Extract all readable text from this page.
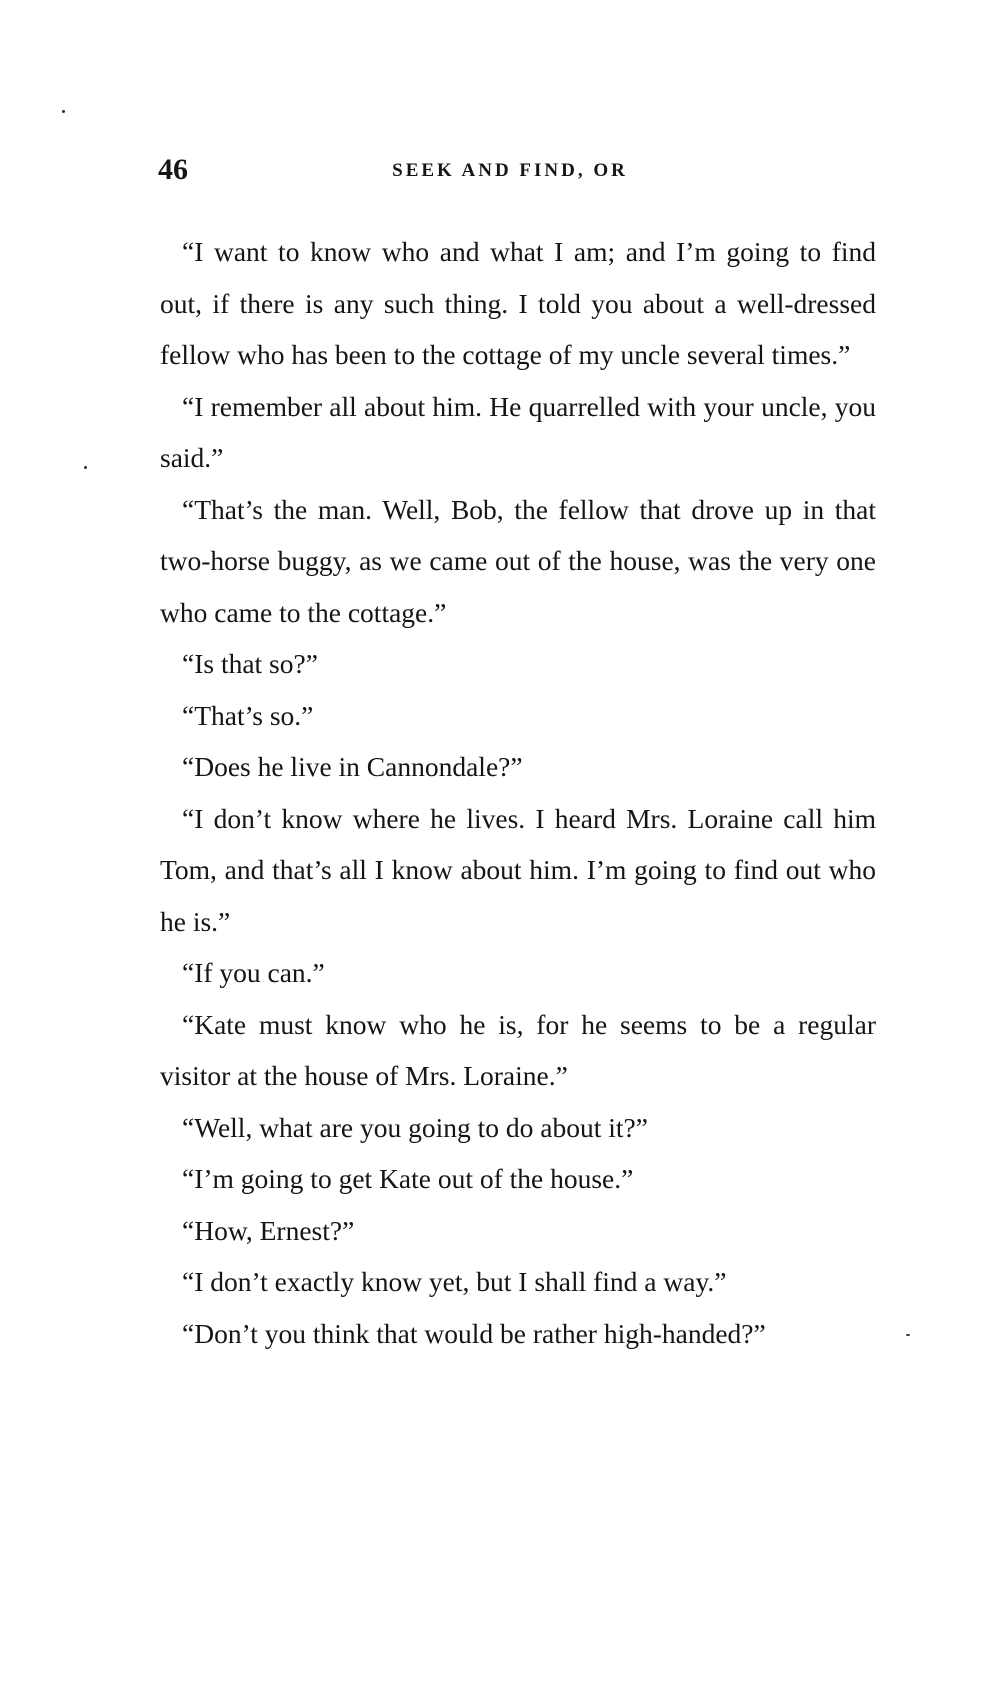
46	SEEK AND FIND, OR

“I want to know who and what I am; and I’m going to find out, if there is any such thing. I told you about a well-dressed fellow who has been to the cottage of my uncle several times.”

“I remember all about him. He quarrelled with your uncle, you said.”

“That’s the man. Well, Bob, the fellow that drove up in that two-horse buggy, as we came out of the house, was the very one who came to the cottage.”

“Is that so?”

“That’s so.”

“Does he live in Cannondale?”

“I don’t know where he lives. I heard Mrs. Loraine call him Tom, and that’s all I know about him. I’m going to find out who he is.”

“If you can.”

“Kate must know who he is, for he seems to be a regular visitor at the house of Mrs. Loraine.”

“Well, what are you going to do about it?”

“I’m going to get Kate out of the house.”

“How, Ernest?”

“I don’t exactly know yet, but I shall find a way.”

“Don’t you think that would be rather high-handed?”
